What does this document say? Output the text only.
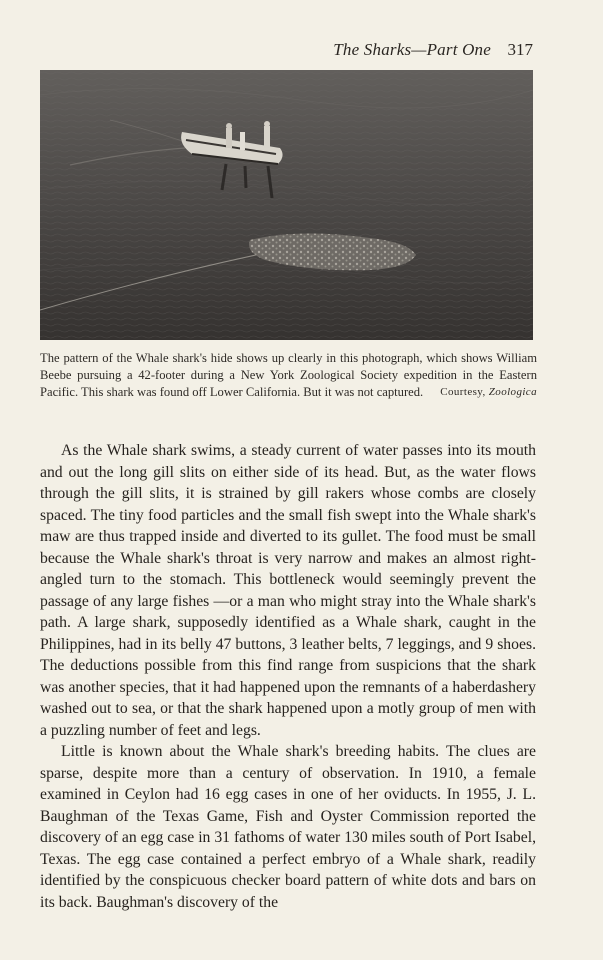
The Sharks—Part One 317
The pattern of the Whale shark's hide shows up clearly in this photograph, which shows William Beebe pursuing a 42-footer during a New York Zoological Society expedition in the Eastern Pacific. This shark was found off Lower California. But it was not captured.	Courtesy, Zoologica

As the Whale shark swims, a steady current of water passes into its mouth and out the long gill slits on either side of its head. But, as the water flows through the gill slits, it is strained by gill rakers whose combs are closely spaced. The tiny food particles and the small fish swept into the Whale shark's maw are thus trapped inside and diverted to its gullet. The food must be small because the Whale shark's throat is very narrow and makes an almost right-angled turn to the stomach. This bottleneck would seemingly prevent the passage of any large fishes —or a man who might stray into the Whale shark's path. A large shark, supposedly identified as a Whale shark, caught in the Philippines, had in its belly 47 buttons, 3 leather belts, 7 leggings, and 9 shoes. The deductions possible from this find range from suspicions that the shark was another species, that it had happened upon the remnants of a haberdashery washed out to sea, or that the shark happened upon a motly group of men with a puzzling number of feet and legs.

Little is known about the Whale shark's breeding habits. The clues are sparse, despite more than a century of observation. In 1910, a female examined in Ceylon had 16 egg cases in one of her oviducts. In 1955, J. L. Baughman of the Texas Game, Fish and Oyster Commission reported the discovery of an egg case in 31 fathoms of water 130 miles south of Port Isabel, Texas. The egg case contained a perfect embryo of a Whale shark, readily identified by the conspicuous checker board pattern of white dots and bars on its back. Baughman's discovery of the
